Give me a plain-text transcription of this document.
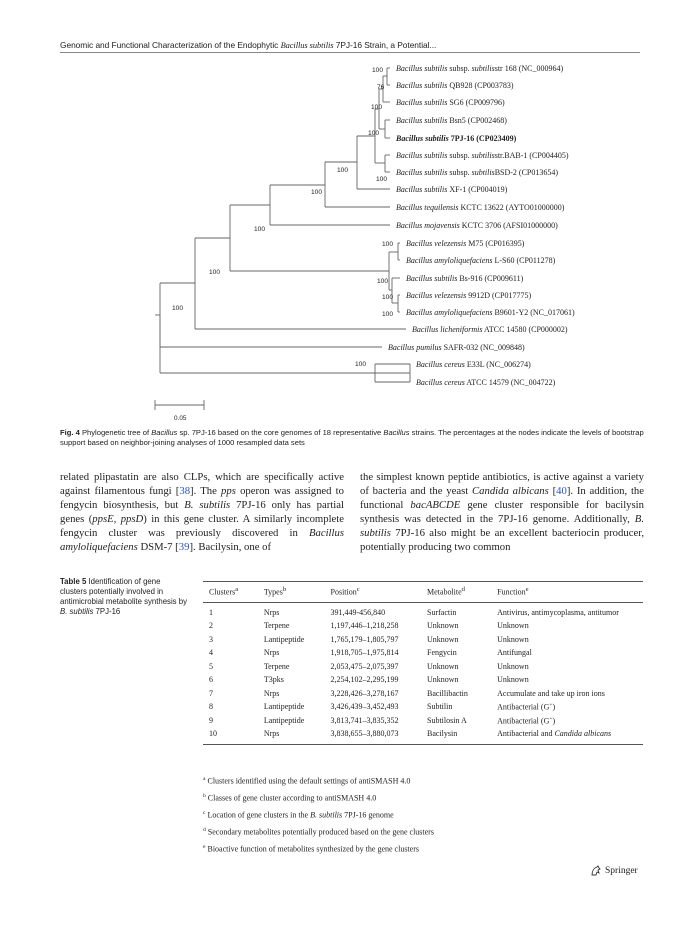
Genomic and Functional Characterization of the Endophytic Bacillus subtilis 7PJ-16 Strain, a Potential...
Bacillus subtilis subsp. subtilisstr 168 (NC_000964)
Bacillus subtilis QB928 (CP003783)
Bacillus subtilis SG6 (CP009796)
Bacillus subtilis Bsn5 (CP002468)
Bacillus subtilis 7PJ-16 (CP023409)
Bacillus subtilis subsp. subtilisstr.BAB-1 (CP004405)
Bacillus subtilis subsp. subtilisBSD-2 (CP013654)
Bacillus subtilis XF-1 (CP004019)
Bacillus tequilensis KCTC 13622 (AYTO01000000)
Bacillus mojavensis KCTC 3706 (AFSI01000000)
Bacillus velezensis M75 (CP016395)
Bacillus amyloliquefaciens L-S60 (CP011278)
Bacillus subtilis Bs-916 (CP009611)
Bacillus velezensis 9912D (CP017775)
Bacillus amyloliquefaciens B9601-Y2 (NC_017061)
Bacillus licheniformis ATCC 14580 (CP000002)
Bacillus pumilus SAFR-032 (NC_009848)
Bacillus cereus E33L (NC_006274)
Bacillus cereus ATCC 14579 (NC_004722)
100
76
100
100
100
100
100
100
100
100
100
100
100
100
100
0.05
Fig. 4 Phylogenetic tree of Bacillus sp. 7PJ-16 based on the core genomes of 18 representative Bacillus strains. The percentages at the nodes indicate the levels of bootstrap support based on neighbor-joining analyses of 1000 resampled data sets
related plipastatin are also CLPs, which are specifically active against filamentous fungi [38]. The pps operon was assigned to fengycin biosynthesis, but B. subtilis 7PJ-16 only has partial genes (ppsE, ppsD) in this gene cluster. A similarly incomplete fengycin cluster was previously discovered in Bacillus amyloliquefaciens DSM-7 [39]. Bacilysin, one of
the simplest known peptide antibiotics, is active against a variety of bacteria and the yeast Candida albicans [40]. In addition, the functional bacABCDE gene cluster responsible for bacilysin synthesis was detected in the 7PJ-16 genome. Additionally, B. subtilis 7PJ-16 also might be an excellent bacteriocin producer, potentially producing two common
Table 5 Identification of gene clusters potentially involved in antimicrobial metabolite synthesis by B. subtilis 7PJ-16
Clusters$^a$	Types$^b$	Position$^c$	Metabolite$^d$	Function$^e$
1	Nrps	391,449-456,840	Surfactin	Antivirus, antimycoplasma, antitumor
2	Terpene	1,197,446–1,218,258	Unknown	Unknown
3	Lantipeptide	1,765,179–1,805,797	Unknown	Unknown
4	Nrps	1,918,705–1,975,814	Fengycin	Antifungal
5	Terpene	2,053,475–2,075,397	Unknown	Unknown
6	T3pks	2,254,102–2,295,199	Unknown	Unknown
7	Nrps	3,228,426–3,278,167	Bacillibactin	Accumulate and take up iron ions
8	Lantipeptide	3,426,439–3,452,493	Subtilin	Antibacterial (G+)
9	Lantipeptide	3,813,741–3,835,352	Subtilosin A	Antibacterial (G+)
10	Nrps	3,838,655–3,880,073	Bacilysin	Antibacterial and Candida albicans
$^a$ Clusters identified using the default settings of antiSMASH 4.0
$^b$ Classes of gene cluster according to antiSMASH 4.0
$^c$ Location of gene clusters in the B. subtilis 7PJ-16 genome
$^d$ Secondary metabolites potentially produced based on the gene clusters
$^e$ Bioactive function of metabolites synthesized by the gene clusters
Springer
